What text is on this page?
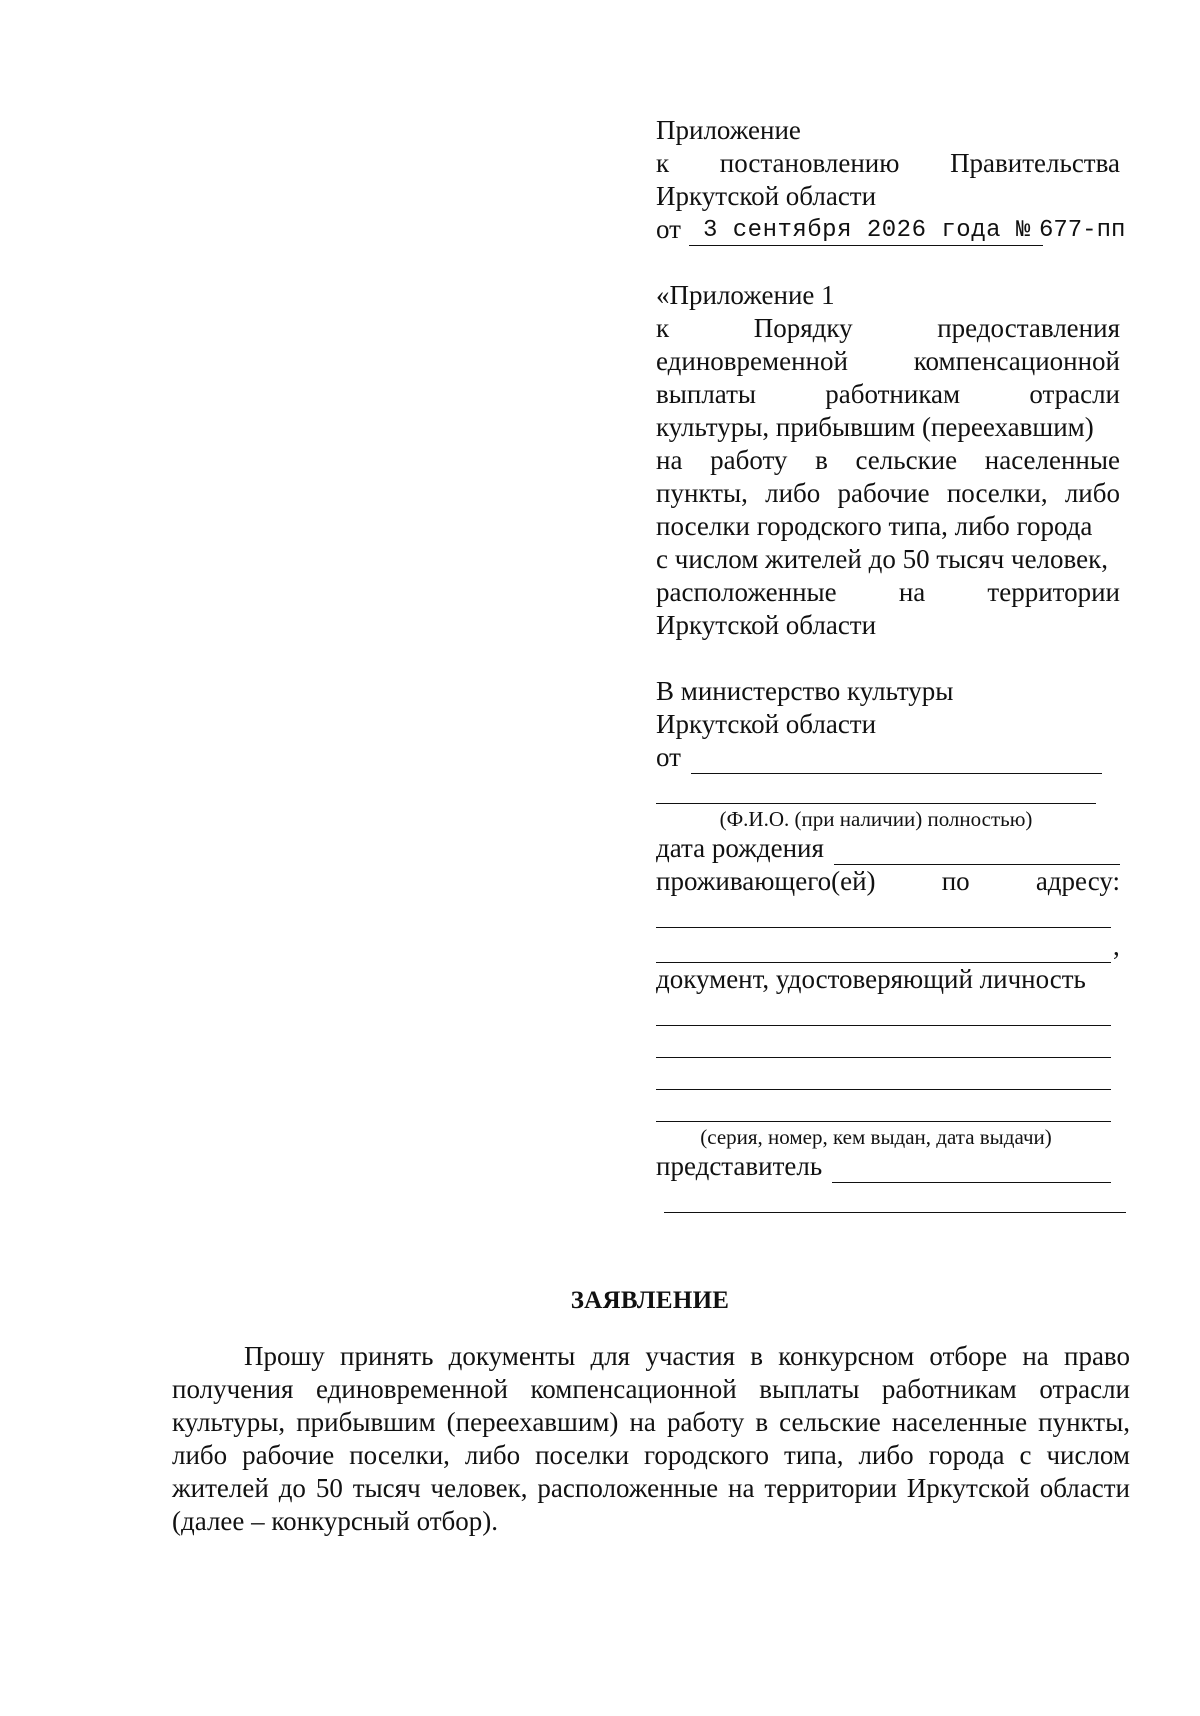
Приложение
к постановлению Правительства
Иркутской области
от 3 сентября 2026 года № 677-пп
«Приложение 1
к	Порядку	предоставления
единовременной компенсационной
выплаты	работникам	отрасли
культуры, прибывшим (переехавшим)
на работу в сельские населенные
пункты, либо рабочие поселки, либо
поселки городского типа, либо города
с числом жителей до 50 тысяч человек,
расположенные на территории
Иркутской области
В министерство культуры
Иркутской области
от
(Ф.И.О. (при наличии) полностью)
дата рождения
проживающего(ей) по адресу:
,
документ, удостоверяющий личность
(серия, номер, кем выдан, дата выдачи)
представитель
ЗАЯВЛЕНИЕ
Прошу принять документы для участия в конкурсном отборе на право получения единовременной компенсационной выплаты работникам отрасли культуры, прибывшим (переехавшим) на работу в сельские населенные пункты, либо рабочие поселки, либо поселки городского типа, либо города с числом жителей до 50 тысяч человек, расположенные на территории Иркутской области (далее – конкурсный отбор).
